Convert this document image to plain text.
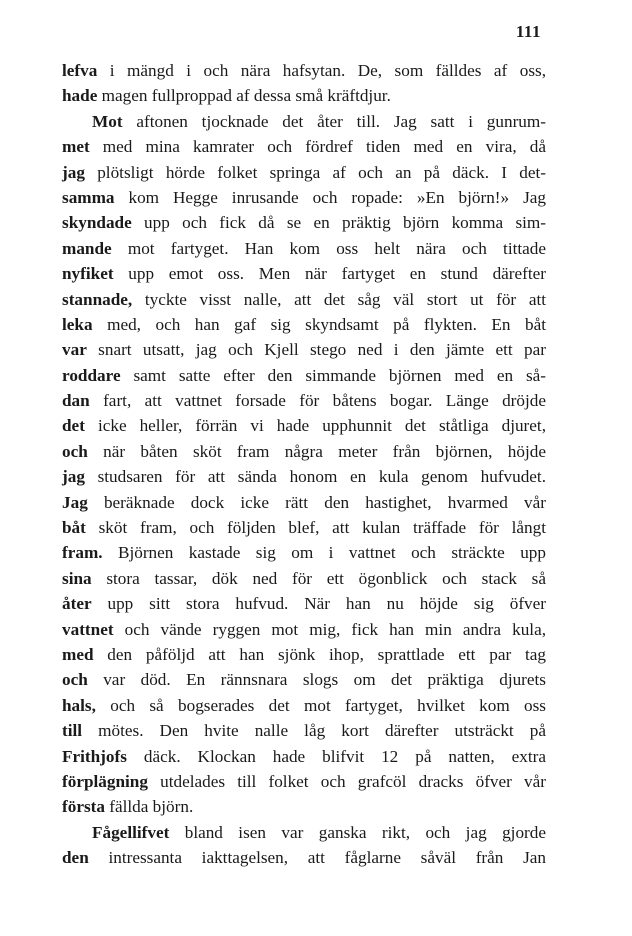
111
lefva i mängd i och nära hafsytan. De, som fälldes af oss,
hade magen fullproppad af dessa små kräftdjur.
Mot aftonen tjocknade det åter till. Jag satt i gunrum-
met med mina kamrater och fördref tiden med en vira, då
jag plötsligt hörde folket springa af och an på däck. I det-
samma kom Hegge inrusande och ropade: »En björn!» Jag
skyndade upp och fick då se en präktig björn komma sim-
mande mot fartyget. Han kom oss helt nära och tittade
nyfiket upp emot oss. Men när fartyget en stund därefter
stannade, tyckte visst nalle, att det såg väl stort ut för att
leka med, och han gaf sig skyndsamt på flykten. En båt
var snart utsatt, jag och Kjell stego ned i den jämte ett par
roddare samt satte efter den simmande björnen med en så-
dan fart, att vattnet forsade för båtens bogar. Länge dröjde
det icke heller, förrän vi hade upphunnit det ståtliga djuret,
och när båten sköt fram några meter från björnen, höjde
jag studsaren för att sända honom en kula genom hufvudet.
Jag beräknade dock icke rätt den hastighet, hvarmed vår
båt sköt fram, och följden blef, att kulan träffade för långt
fram. Björnen kastade sig om i vattnet och sträckte upp
sina stora tassar, dök ned för ett ögonblick och stack så
åter upp sitt stora hufvud. När han nu höjde sig öfver
vattnet och vände ryggen mot mig, fick han min andra kula,
med den påföljd att han sjönk ihop, sprattlade ett par tag
och var död. En rännsnara slogs om det präktiga djurets
hals, och så bogserades det mot fartyget, hvilket kom oss
till mötes. Den hvite nalle låg kort därefter utsträckt på
Frithjofs däck. Klockan hade blifvit 12 på natten, extra
förplägning utdelades till folket och grafcöl dracks öfver vår
första fällda björn.
Fågellifvet bland isen var ganska rikt, och jag gjorde
den intressanta iakttagelsen, att fåglarne såväl från Jan
